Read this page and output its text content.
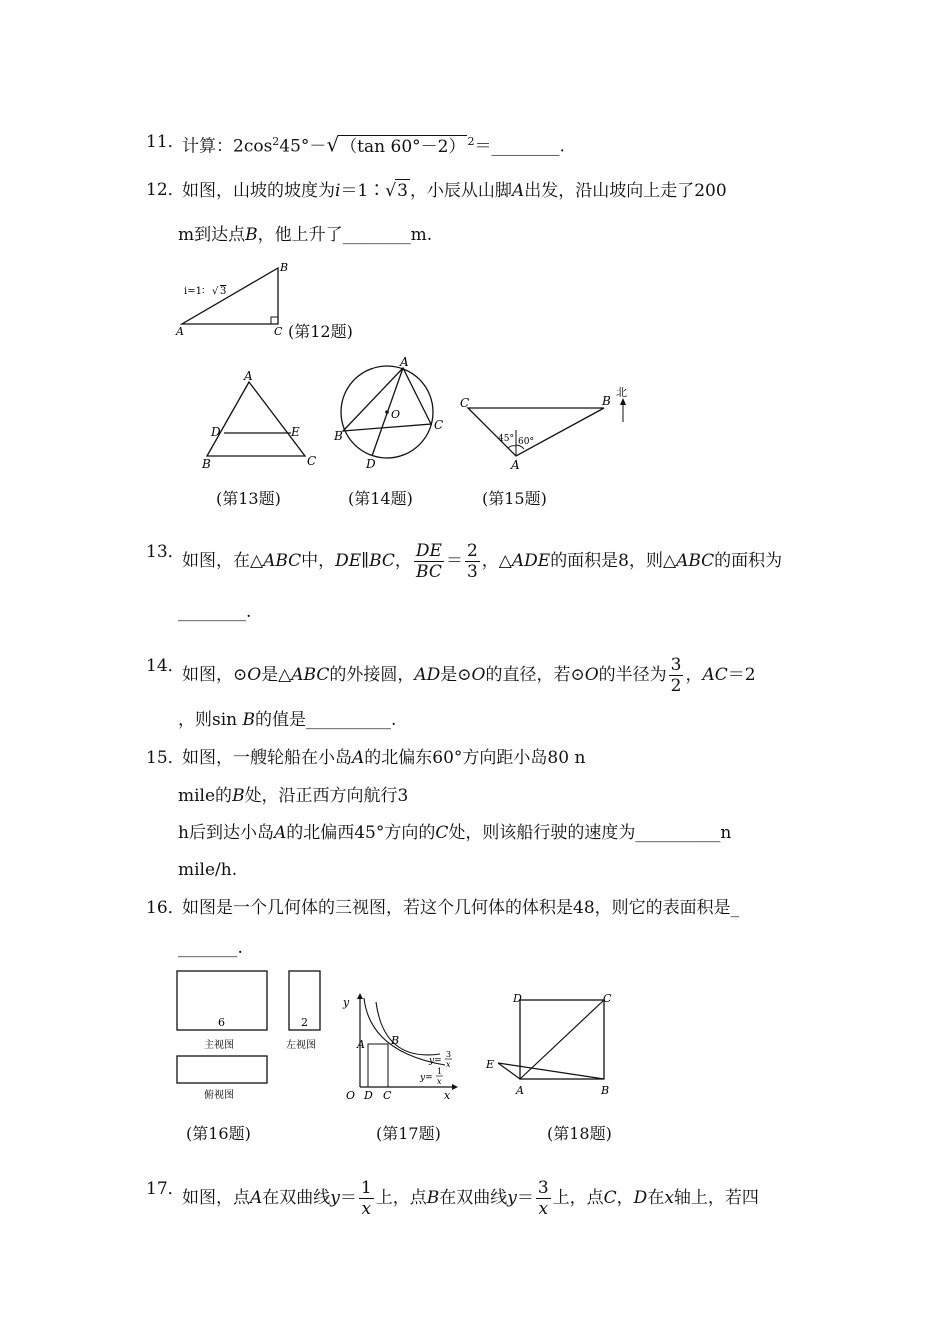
11．
计算：$2\cos^245^\circ-√(\tan$ 60°－2） $^2$＝________.
12．
如图，山坡的坡度为i＝1∶√3 ，小辰从山脚A出发，沿山坡向上走了200
m到达点B，他上升了________m.
B
A	C
i=1∶ √ 3
(第12题)
A
D	E
B	C
(第13题)
A
O
B
C
D
(第14题)
C	B
A
北
45° 60°
(第15题)
13．
如图，在△ABC中，DE∥BC， $\frac{DE}{BC} = \frac{2}{3}$ ，△ADE的面积是8，则△ABC的面积为
________.
14．
如图，⊙O是△ABC的外接圆，AD是⊙O的直径，若⊙O的半径为 $\frac{3}{2}$ ，AC＝2
，则sin B的值是__________.
15．
如图，一艘轮船在小岛A的北偏东60°方向距小岛80 n
mile的B处，沿正西方向航行3
h后到达小岛A的北偏西45°方向的C处，则该船行驶的速度为__________n
mile/h.
16．
如图是一个几何体的三视图，若这个几何体的体积是48，则它的表面积是_
_______.
6
主视图
2
左视图
俯视图
(第16题)
y
x
O D C
A B
y=
3
x
y=
1
x
(第17题)
D	C
E
A	B
(第18题)
17．
如图，点A在双曲线$y= \frac{1}{x}$ 上，点B在双曲线$y= \frac{3}{x}$ 上，点C，D在x轴上，若四
